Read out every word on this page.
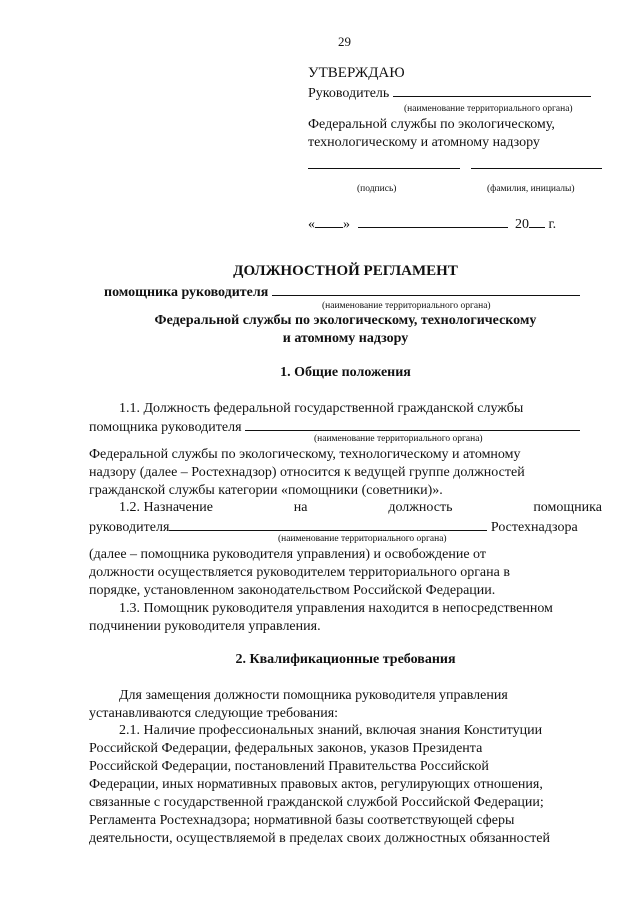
29
УТВЕРЖДАЮ
Руководитель
(наименование территориального органа)
Федеральной службы по экологическому,
технологическому и атомному надзору
(подпись)	(фамилия, инициалы)
« »	20 г.
ДОЛЖНОСТНОЙ РЕГЛАМЕНТ
помощника руководителя
(наименование территориального органа)
Федеральной службы по экологическому, технологическому
и атомному надзору
1. Общие положения
1.1. Должность федеральной государственной гражданской службы
помощника руководителя
(наименование территориального органа)
Федеральной службы по экологическому, технологическому и атомному
надзору (далее – Ростехнадзор) относится к ведущей группе должностей
гражданской службы категории «помощники (советники)».
1.2. Назначение	на	должность	помощника
руководителя	Ростехнадзора
(наименование территориального органа)
(далее – помощника руководителя управления) и освобождение от
должности осуществляется руководителем территориального органа в
порядке, установленном законодательством Российской Федерации.
1.3. Помощник руководителя управления находится в непосредственном
подчинении руководителя управления.
2. Квалификационные требования
Для замещения должности помощника руководителя управления
устанавливаются следующие требования:
2.1. Наличие профессиональных знаний, включая знания Конституции
Российской Федерации, федеральных законов, указов Президента
Российской Федерации, постановлений Правительства Российской
Федерации, иных нормативных правовых актов, регулирующих отношения,
связанные с государственной гражданской службой Российской Федерации;
Регламента Ростехнадзора; нормативной базы соответствующей сферы
деятельности, осуществляемой в пределах своих должностных обязанностей
